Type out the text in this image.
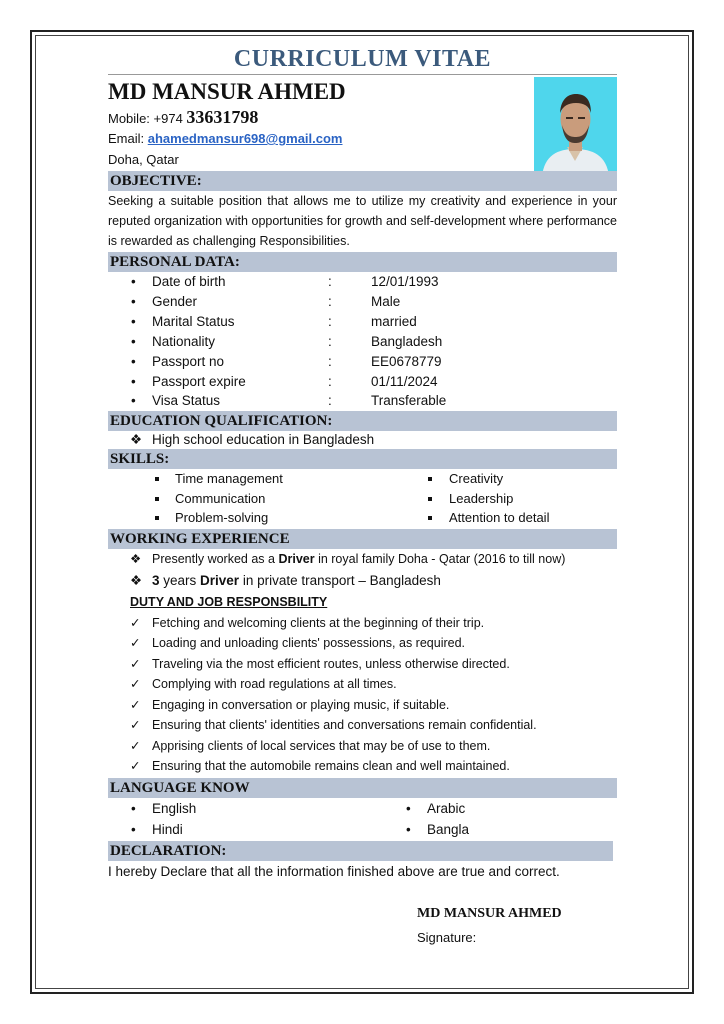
CURRICULUM VITAE
MD MANSUR AHMED
Mobile: +974 33631798
Email: ahamedmansur698@gmail.com
Doha, Qatar
OBJECTIVE:
Seeking a suitable position that allows me to utilize my creativity and experience in your reputed organization with opportunities for growth and self-development where performance is rewarded as challenging Responsibilities.
PERSONAL DATA:
• Date of birth	:	12/01/1993
• Gender	:	Male
• Marital Status	:	married
• Nationality	:	Bangladesh
• Passport no	:	EE0678779
• Passport expire	:	01/11/2024
• Visa Status	:	Transferable
EDUCATION QUALIFICATION:
❖ High school education in Bangladesh
SKILLS:
Time management	Creativity
Communication	Leadership
Problem-solving	Attention to detail
WORKING EXPERIENCE
❖ Presently worked as a Driver in royal family Doha - Qatar (2016 to till now)
❖ 3 years Driver in private transport – Bangladesh
DUTY AND JOB RESPONSBILITY
✓ Fetching and welcoming clients at the beginning of their trip.
✓ Loading and unloading clients' possessions, as required.
✓ Traveling via the most efficient routes, unless otherwise directed.
✓ Complying with road regulations at all times.
✓ Engaging in conversation or playing music, if suitable.
✓ Ensuring that clients' identities and conversations remain confidential.
✓ Apprising clients of local services that may be of use to them.
✓ Ensuring that the automobile remains clean and well maintained.
LANGUAGE KNOW
• English	• Arabic
• Hindi	• Bangla
DECLARATION:
I hereby Declare that all the information finished above are true and correct.
MD MANSUR AHMED
Signature:
